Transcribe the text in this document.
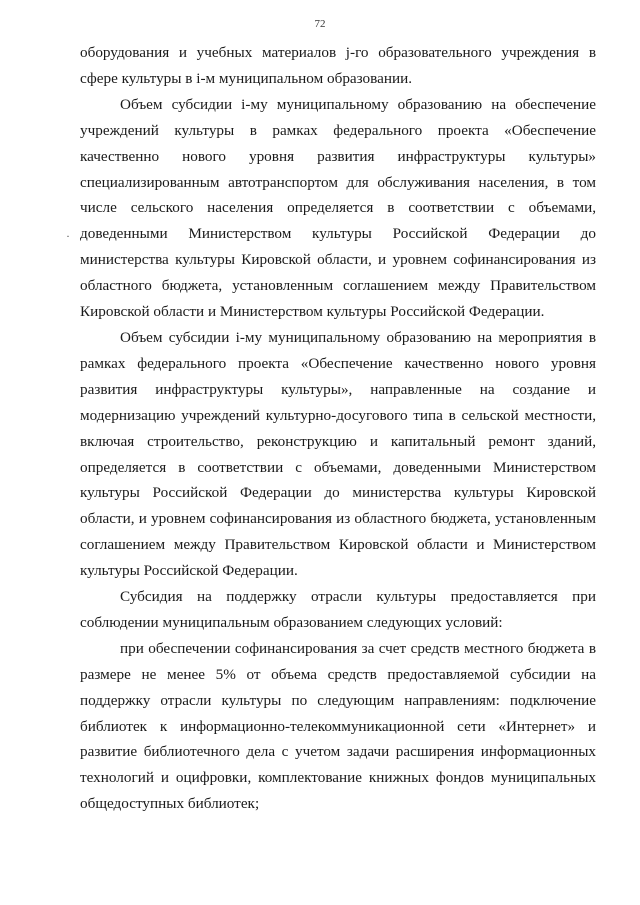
72
·

оборудования и учебных материалов j-го образовательного учреждения в сфере культуры в i-м муниципальном образовании.

Объем субсидии i-му муниципальному образованию на обеспечение учреждений культуры в рамках федерального проекта «Обеспечение качественно нового уровня развития инфраструктуры культуры» специализированным автотранспортом для обслуживания населения, в том числе сельского населения определяется в соответствии с объемами, доведенными Министерством культуры Российской Федерации до министерства культуры Кировской области, и уровнем софинансирования из областного бюджета, установленным соглашением между Правительством Кировской области и Министерством культуры Российской Федерации.

Объем субсидии i-му муниципальному образованию на мероприятия в рамках федерального проекта «Обеспечение качественно нового уровня развития инфраструктуры культуры», направленные на создание и модернизацию учреждений культурно-досугового типа в сельской местности, включая строительство, реконструкцию и капитальный ремонт зданий, определяется в соответствии с объемами, доведенными Министерством культуры Российской Федерации до министерства культуры Кировской области, и уровнем софинансирования из областного бюджета, установленным соглашением между Правительством Кировской области и Министерством культуры Российской Федерации.

Субсидия на поддержку отрасли культуры предоставляется при соблюдении муниципальным образованием следующих условий:

при обеспечении софинансирования за счет средств местного бюджета в размере не менее 5% от объема средств предоставляемой субсидии на поддержку отрасли культуры по следующим направлениям: подключение библиотек к информационно-телекоммуникационной сети «Интернет» и развитие библиотечного дела с учетом задачи расширения информационных технологий и оцифровки, комплектование книжных фондов муниципальных общедоступных библиотек;
